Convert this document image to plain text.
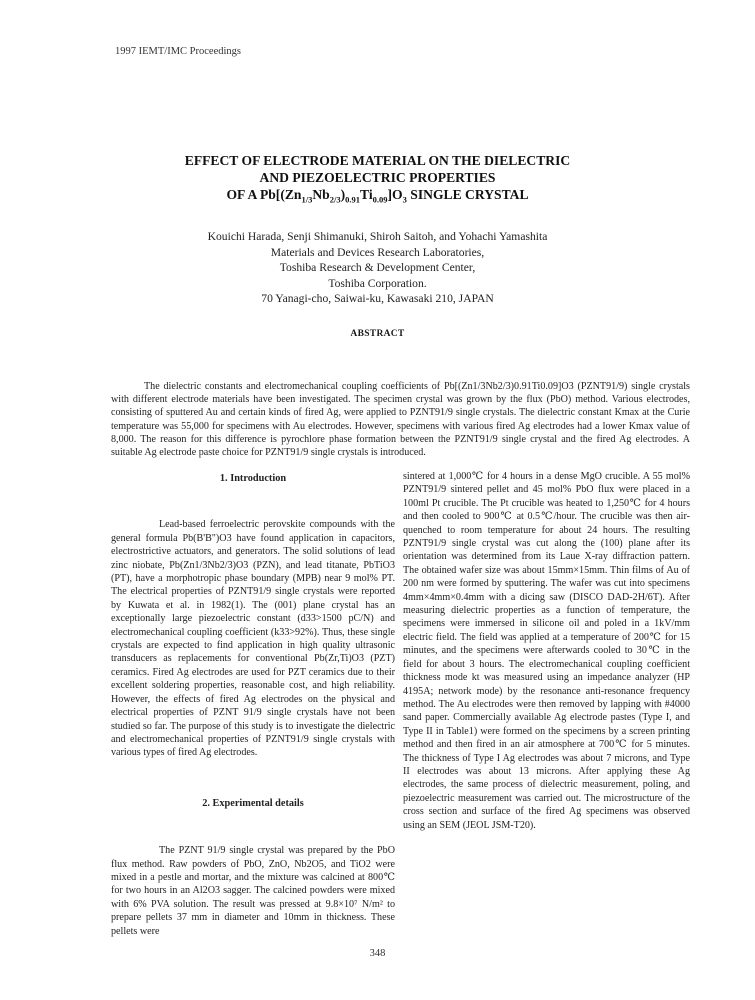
1997 IEMT/IMC Proceedings
EFFECT OF ELECTRODE MATERIAL ON THE DIELECTRIC
AND PIEZOELECTRIC PROPERTIES
OF A $Pb[(Zn_{1/3}Nb_{2/3})_{0.91}Ti_{0.09}]O_3$ SINGLE CRYSTAL
Kouichi Harada, Senji Shimanuki, Shiroh Saitoh, and Yohachi Yamashita
Materials and Devices Research Laboratories,
Toshiba Research & Development Center,
Toshiba Corporation.
70 Yanagi-cho, Saiwai-ku, Kawasaki 210, JAPAN
ABSTRACT

The dielectric constants and electromechanical coupling coefficients of Pb[(Zn1/3Nb2/3)0.91Ti0.09]O3 (PZNT91/9) single crystals with different electrode materials have been investigated. The specimen crystal was grown by the flux (PbO) method. Various electrodes, consisting of sputtered Au and certain kinds of fired Ag, were applied to PZNT91/9 single crystals. The dielectric constant Kmax at the Curie temperature was 55,000 for specimens with Au electrodes. However, specimens with various fired Ag electrodes had a lower Kmax value of 8,000. The reason for this difference is pyrochlore phase formation between the PZNT91/9 single crystal and the fired Ag electrodes. A suitable Ag electrode paste choice for PZNT91/9 single crystals is introduced.

1. Introduction

Lead-based ferroelectric perovskite compounds with the general formula Pb(B'B")O3 have found application in capacitors, electrostrictive actuators, and generators. The solid solutions of lead zinc niobate, Pb(Zn1/3Nb2/3)O3 (PZN), and lead titanate, PbTiO3 (PT), have a morphotropic phase boundary (MPB) near 9 mol% PT. The electrical properties of PZNT91/9 single crystals were reported by Kuwata et al. in 1982(1). The (001) plane crystal has an exceptionally large piezoelectric constant (d33>1500 pC/N) and electromechanical coupling coefficient (k33>92%). Thus, these single crystals are expected to find application in high quality ultrasonic transducers as replacements for conventional Pb(Zr,Ti)O3 (PZT) ceramics. Fired Ag electrodes are used for PZT ceramics due to their excellent soldering properties, reasonable cost, and high reliability. However, the effects of fired Ag electrodes on the physical and electrical properties of PZNT 91/9 single crystals have not been studied so far. The purpose of this study is to investigate the dielectric and electromechanical properties of PZNT91/9 single crystals with various types of fired Ag electrodes.

2. Experimental details

The PZNT 91/9 single crystal was prepared by the PbO flux method. Raw powders of PbO, ZnO, Nb2O5, and TiO2 were mixed in a pestle and mortar, and the mixture was calcined at 800℃ for two hours in an Al2O3 sagger. The calcined powders were mixed with 6% PVA solution. The result was pressed at 9.8×10⁷ N/m² to prepare pellets 37 mm in diameter and 10mm in thickness. These pellets were

sintered at 1,000℃ for 4 hours in a dense MgO crucible. A 55 mol% PZNT91/9 sintered pellet and 45 mol% PbO flux were placed in a 100ml Pt crucible. The Pt crucible was heated to 1,250℃ for 4 hours and then cooled to 900℃ at 0.5℃/hour. The crucible was then air-quenched to room temperature for about 24 hours. The resulting PZNT91/9 single crystal was cut along the (100) plane after its orientation was determined from its Laue X-ray diffraction pattern. The obtained wafer size was about 15mm×15mm. Thin films of Au of 200 nm were formed by sputtering. The wafer was cut into specimens 4mm×4mm×0.4mm with a dicing saw (DISCO DAD-2H/6T). After measuring dielectric properties as a function of temperature, the specimens were immersed in silicone oil and poled in a 1kV/mm electric field. The field was applied at a temperature of 200℃ for 15 minutes, and the specimens were afterwards cooled to 30℃ in the field for about 3 hours. The electromechanical coupling coefficient thickness mode kt was measured using an impedance analyzer (HP 4195A; network mode) by the resonance anti-resonance frequency method. The Au electrodes were then removed by lapping with #4000 sand paper. Commercially available Ag electrode pastes (Type I, and Type II in Table1) were formed on the specimens by a screen printing method and then fired in an air atmosphere at 700℃ for 5 minutes. The thickness of Type I Ag electrodes was about 7 microns, and Type II electrodes was about 13 microns. After applying these Ag electrodes, the same process of dielectric measurement, poling, and piezoelectric measurement was carried out. The microstructure of the cross section and surface of the fired Ag specimens was observed using an SEM (JEOL JSM-T20).

348
